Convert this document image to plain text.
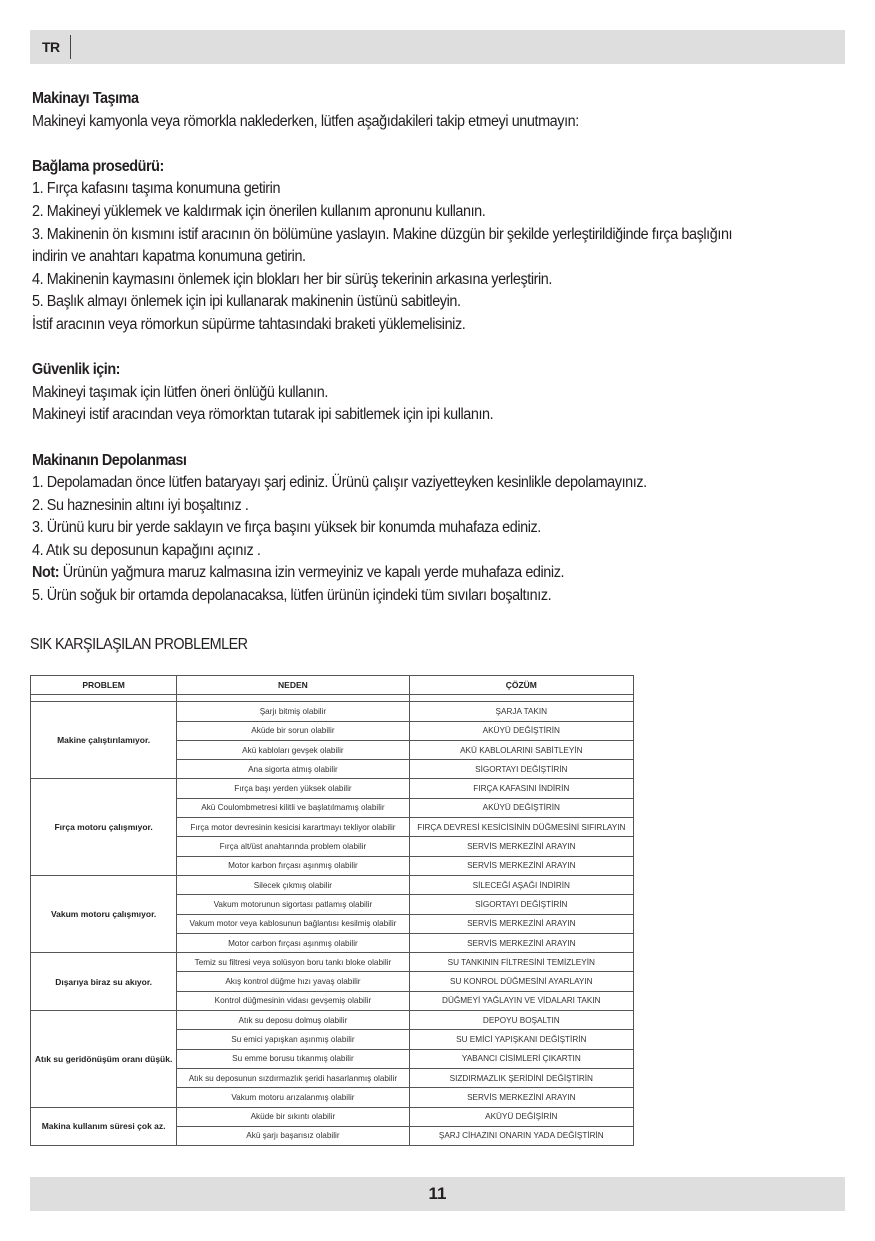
TR
Makinayı Taşıma

Makineyi kamyonla veya römorkla naklederken, lütfen aşağıdakileri takip etmeyi unutmayın:

Bağlama prosedürü:

1. Fırça kafasını taşıma konumuna getirin

2. Makineyi yüklemek ve kaldırmak için önerilen kullanım apronunu kullanın.

3. Makinenin ön kısmını istif aracının ön bölümüne yaslayın. Makine düzgün bir şekilde yerleştirildiğinde fırça başlığını

indirin ve anahtarı kapatma konumuna getirin.

4. Makinenin kaymasını önlemek için blokları her bir sürüş tekerinin arkasına yerleştirin.

5. Başlık almayı önlemek için ipi kullanarak makinenin üstünü sabitleyin.

İstif aracının veya römorkun süpürme tahtasındaki braketi yüklemelisiniz.

Güvenlik için:

Makineyi taşımak için lütfen öneri önlüğü kullanın.

Makineyi istif aracından veya römorktan tutarak ipi sabitlemek için ipi kullanın.

Makinanın Depolanması

1. Depolamadan önce lütfen bataryayı şarj ediniz. Ürünü çalışır vaziyetteyken kesinlikle depolamayınız.

2. Su haznesinin altını iyi boşaltınız .

3. Ürünü kuru bir yerde saklayın ve fırça başını yüksek bir konumda muhafaza ediniz.

4. Atık su deposunun kapağını açınız .

Not: Ürünün yağmura maruz kalmasına izin vermeyiniz ve kapalı yerde muhafaza ediniz.

5. Ürün soğuk bir ortamda depolanacaksa, lütfen ürünün içindeki tüm sıvıları boşaltınız.

SIK KARŞILAŞILAN PROBLEMLER
PROBLEM	NEDEN	ÇÖZÜM

Makine çalıştırılamıyor.	Şarjı bitmiş olabilir	ŞARJA TAKIN
	Aküde bir sorun olabilir	AKÜYÜ DEĞİŞTİRİN
	Akü kabloları gevşek olabilir	AKÜ KABLOLARINI SABİTLEYİN
	Ana sigorta atmış olabilir	SİGORTAYI DEĞİŞTİRİN
Fırça motoru çalışmıyor.	Fırça başı yerden yüksek olabilir	FIRÇA KAFASINI İNDİRİN
	Akü Coulombmetresi kilitli ve başlatılmamış olabilir	AKÜYÜ DEĞİŞTİRİN
	Fırça motor devresinin kesicisi karartmayı tekliyor olabilir	FIRÇA DEVRESİ KESİCİSİNİN DÜĞMESİNİ SIFIRLAYIN
	Fırça alt/üst anahtarında problem olabilir	SERVİS MERKEZİNİ ARAYIN
	Motor karbon fırçası aşınmış olabilir	SERVİS MERKEZİNİ ARAYIN
Vakum motoru çalışmıyor.	Silecek çıkmış olabilir	SİLECEĞİ AŞAĞI İNDİRİN
	Vakum motorunun sigortası patlamış olabilir	SİGORTAYI DEĞİŞTİRİN
	Vakum motor veya kablosunun bağlantısı kesilmiş olabilir	SERVİS MERKEZİNİ ARAYIN
	Motor carbon fırçası aşınmış olabilir	SERVİS MERKEZİNİ ARAYIN
Dışarıya biraz su akıyor.	Temiz su filtresi veya solüsyon boru tankı bloke olabilir	SU TANKININ FİLTRESİNİ TEMİZLEYİN
	Akış kontrol düğme hızı yavaş olabilir	SU KONROL DÜĞMESİNİ AYARLAYIN
	Kontrol düğmesinin vidası gevşemiş olabilir	DÜĞMEYİ YAĞLAYIN VE VİDALARI TAKIN
Atık su geridönüşüm oranı düşük.	Atık su deposu dolmuş olabilir	DEPOYU BOŞALTIN
	Su emici yapışkan aşınmış olabilir	SU EMİCİ YAPIŞKANI DEĞİŞTİRİN
	Su emme borusu tıkanmış olabilir	YABANCI CİSİMLERİ ÇIKARTIN
	Atık su deposunun sızdırmazlık şeridi hasarlanmış olabilir	SIZDIRMAZLIK ŞERİDİNİ DEĞİŞTİRİN
	Vakum motoru arızalanmış olabilir	SERVİS MERKEZİNİ ARAYIN
Makina kullanım süresi çok az.	Aküde bir sıkıntı olabilir	AKÜYÜ DEĞİŞİRİN
	Akü şarjı başarısız olabilir	ŞARJ CİHAZINI ONARIN YADA DEĞİŞTİRİN
11
